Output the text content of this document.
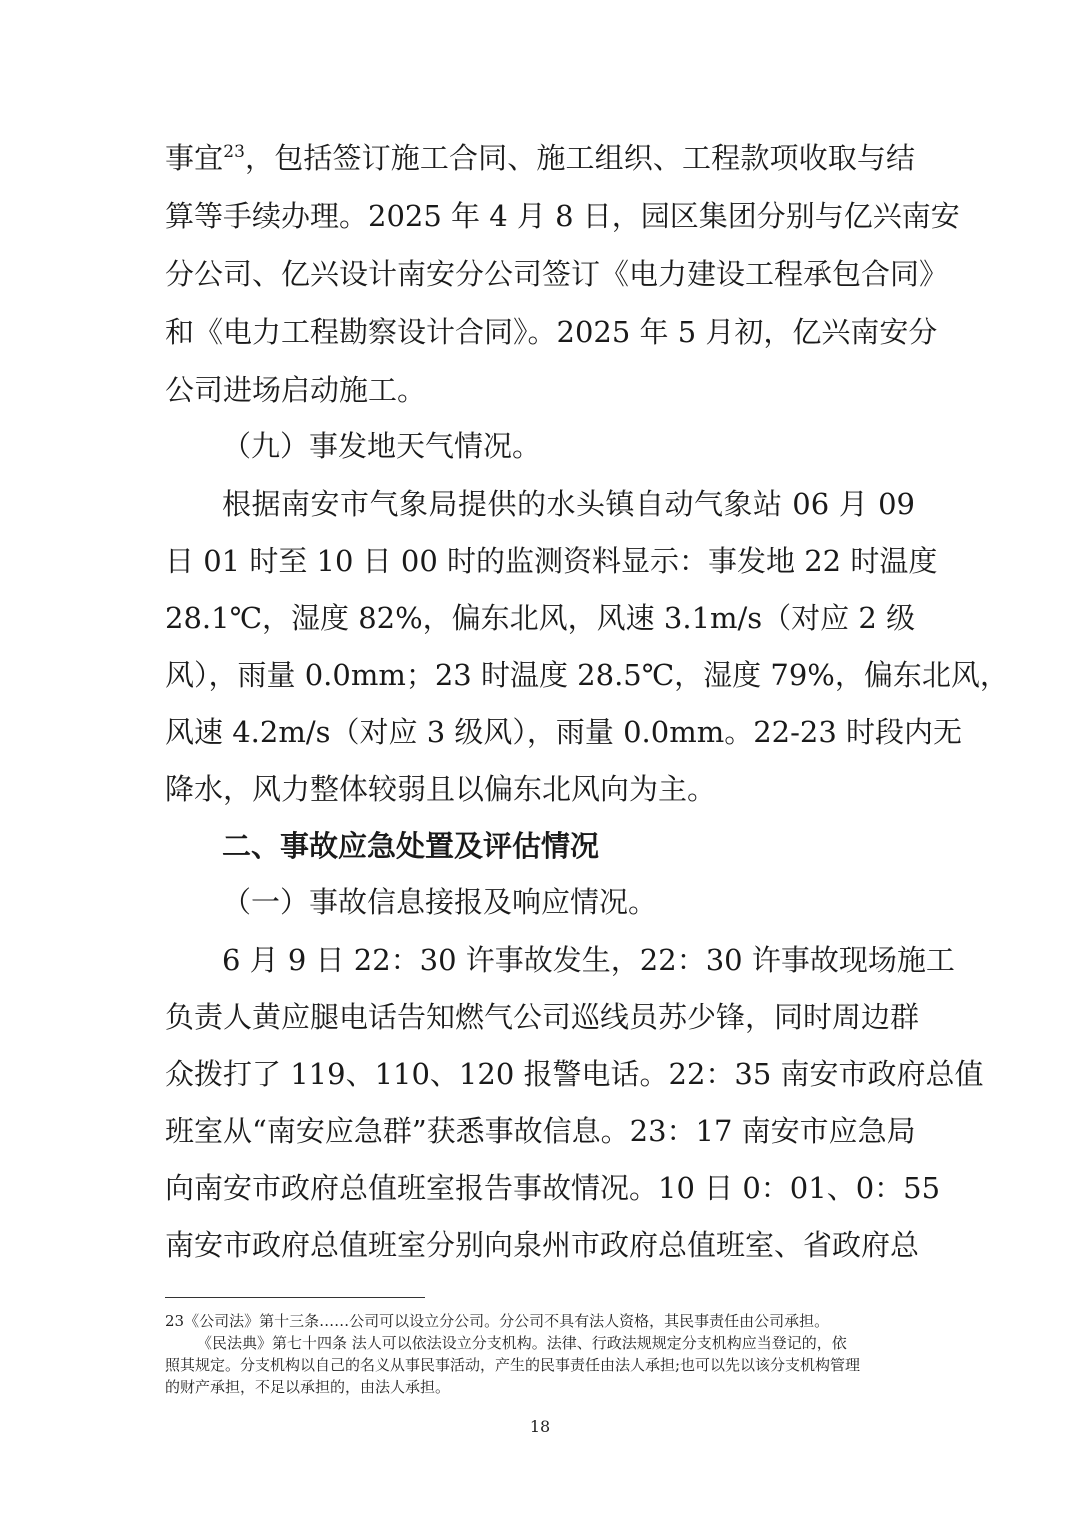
事宜$^{23}$，包括签订施工合同、施工组织、工程款项收取与结
算等手续办理。2025 年 4 月 8 日，园区集团分别与亿兴南安
分公司、亿兴设计南安分公司签订《电力建设工程承包合同》
和《电力工程勘察设计合同》。2025 年 5 月初，亿兴南安分
公司进场启动施工。
（九）事发地天气情况。
根据南安市气象局提供的水头镇自动气象站 06 月 09
日 01 时至 10 日 00 时的监测资料显示：事发地 22 时温度
28.1℃，湿度 82%，偏东北风，风速 3.1m/s（对应 2 级
风），雨量 0.0mm；23 时温度 28.5℃，湿度 79%，偏东北风，
风速 4.2m/s（对应 3 级风），雨量 0.0mm。22-23 时段内无
降水，风力整体较弱且以偏东北风向为主。
二、事故应急处置及评估情况
（一）事故信息接报及响应情况。
6 月 9 日 22：30 许事故发生，22：30 许事故现场施工
负责人黄应腿电话告知燃气公司巡线员苏少锋，同时周边群
众拨打了 119、110、120 报警电话。22：35 南安市政府总值
班室从“南安应急群”获悉事故信息。23：17 南安市应急局
向南安市政府总值班室报告事故情况。10 日 0：01、0：55
南安市政府总值班室分别向泉州市政府总值班室、省政府总
23《公司法》第十三条……公司可以设立分公司。分公司不具有法人资格，其民事责任由公司承担。
《民法典》第七十四条 法人可以依法设立分支机构。法律、行政法规规定分支机构应当登记的，依
照其规定。分支机构以自己的名义从事民事活动，产生的民事责任由法人承担;也可以先以该分支机构管理
的财产承担，不足以承担的，由法人承担。
18
